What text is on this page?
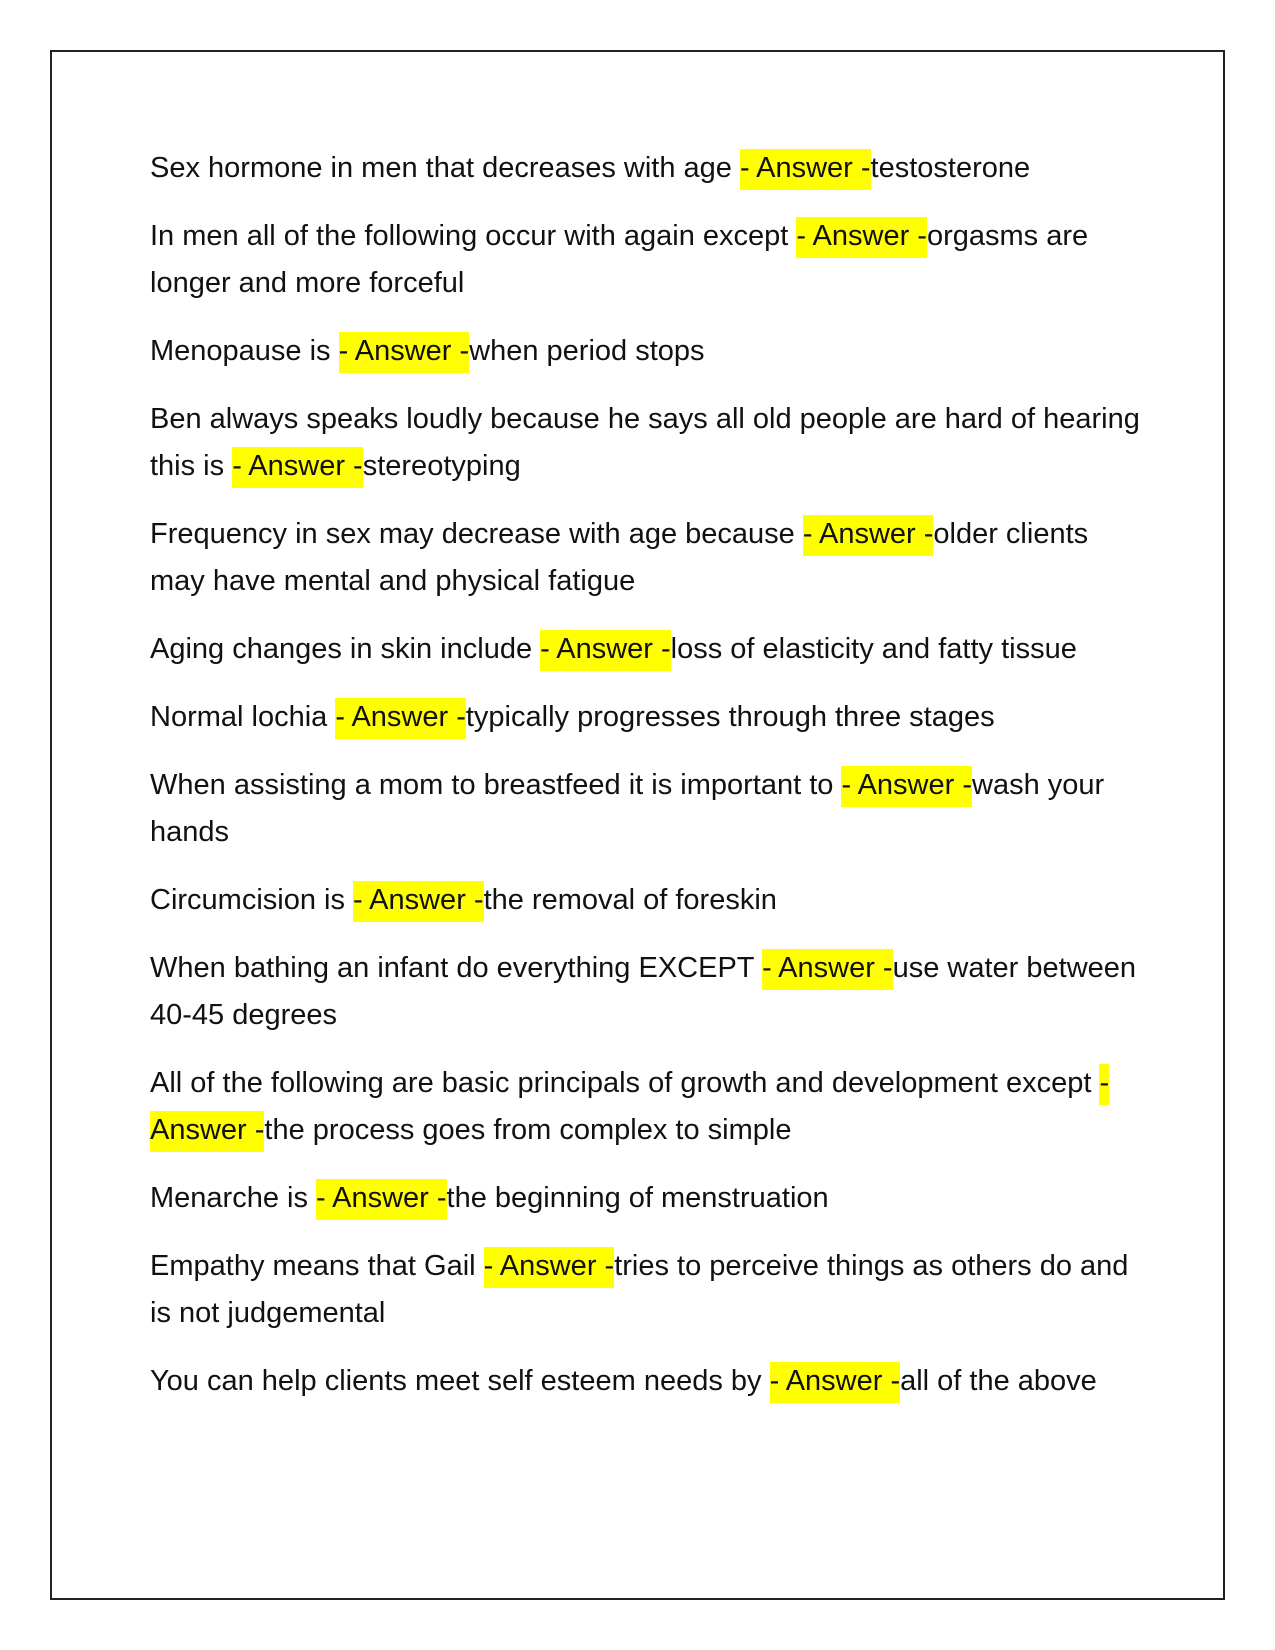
Sex hormone in men that decreases with age - Answer -testosterone
In men all of the following occur with again except - Answer -orgasms are longer and more forceful
Menopause is - Answer -when period stops
Ben always speaks loudly because he says all old people are hard of hearing this is - Answer -stereotyping
Frequency in sex may decrease with age because - Answer -older clients may have mental and physical fatigue
Aging changes in skin include - Answer -loss of elasticity and fatty tissue
Normal lochia - Answer -typically progresses through three stages
When assisting a mom to breastfeed it is important to - Answer -wash your hands
Circumcision is - Answer -the removal of foreskin
When bathing an infant do everything EXCEPT - Answer -use water between 40-45 degrees
All of the following are basic principals of growth and development except - Answer -the process goes from complex to simple
Menarche is - Answer -the beginning of menstruation
Empathy means that Gail - Answer -tries to perceive things as others do and is not judgemental
You can help clients meet self esteem needs by - Answer -all of the above
